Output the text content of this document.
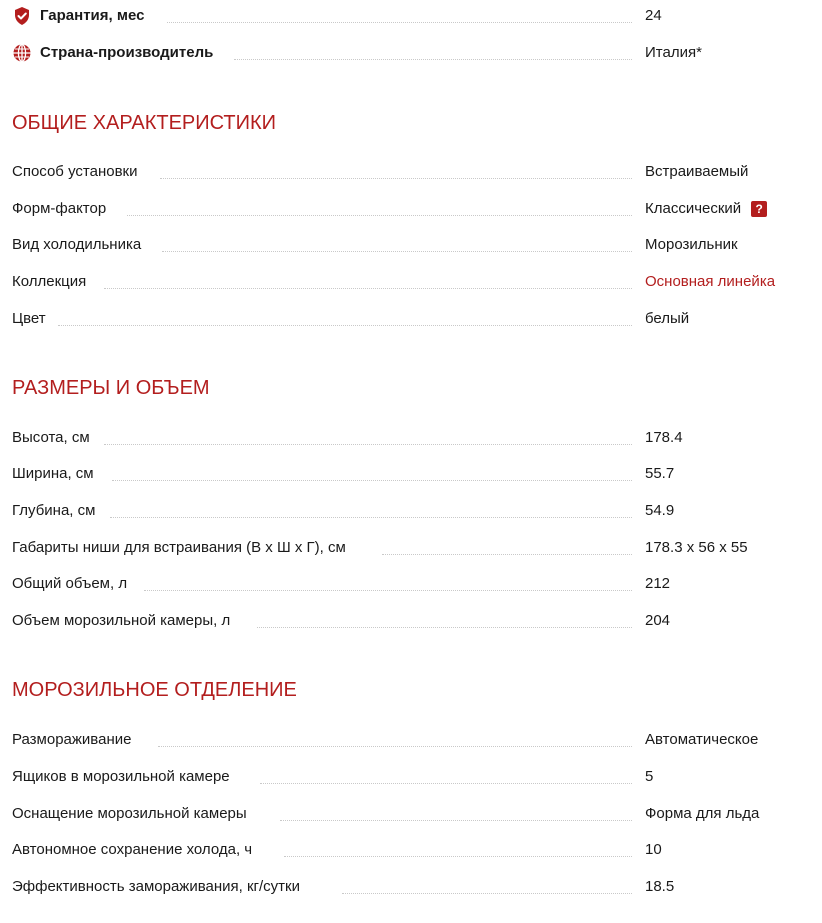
Гарантия, мес	24
Страна-производитель	Италия*
ОБЩИЕ ХАРАКТЕРИСТИКИ
Способ установки	Встраиваемый
Форм-фактор	Классический	?
Вид холодильника	Морозильник
Коллекция	Основная линейка
Цвет	белый
РАЗМЕРЫ И ОБЪЕМ
Высота, см	178.4
Ширина, см	55.7
Глубина, см	54.9
Габариты ниши для встраивания (В х Ш х Г), см	178.3 х 56 х 55
Общий объем, л	212
Объем морозильной камеры, л	204
МОРОЗИЛЬНОЕ ОТДЕЛЕНИЕ
Размораживание	Автоматическое
Ящиков в морозильной камере	5
Оснащение морозильной камеры	Форма для льда
Автономное сохранение холода, ч	10
Эффективность замораживания, кг/сутки	18.5
